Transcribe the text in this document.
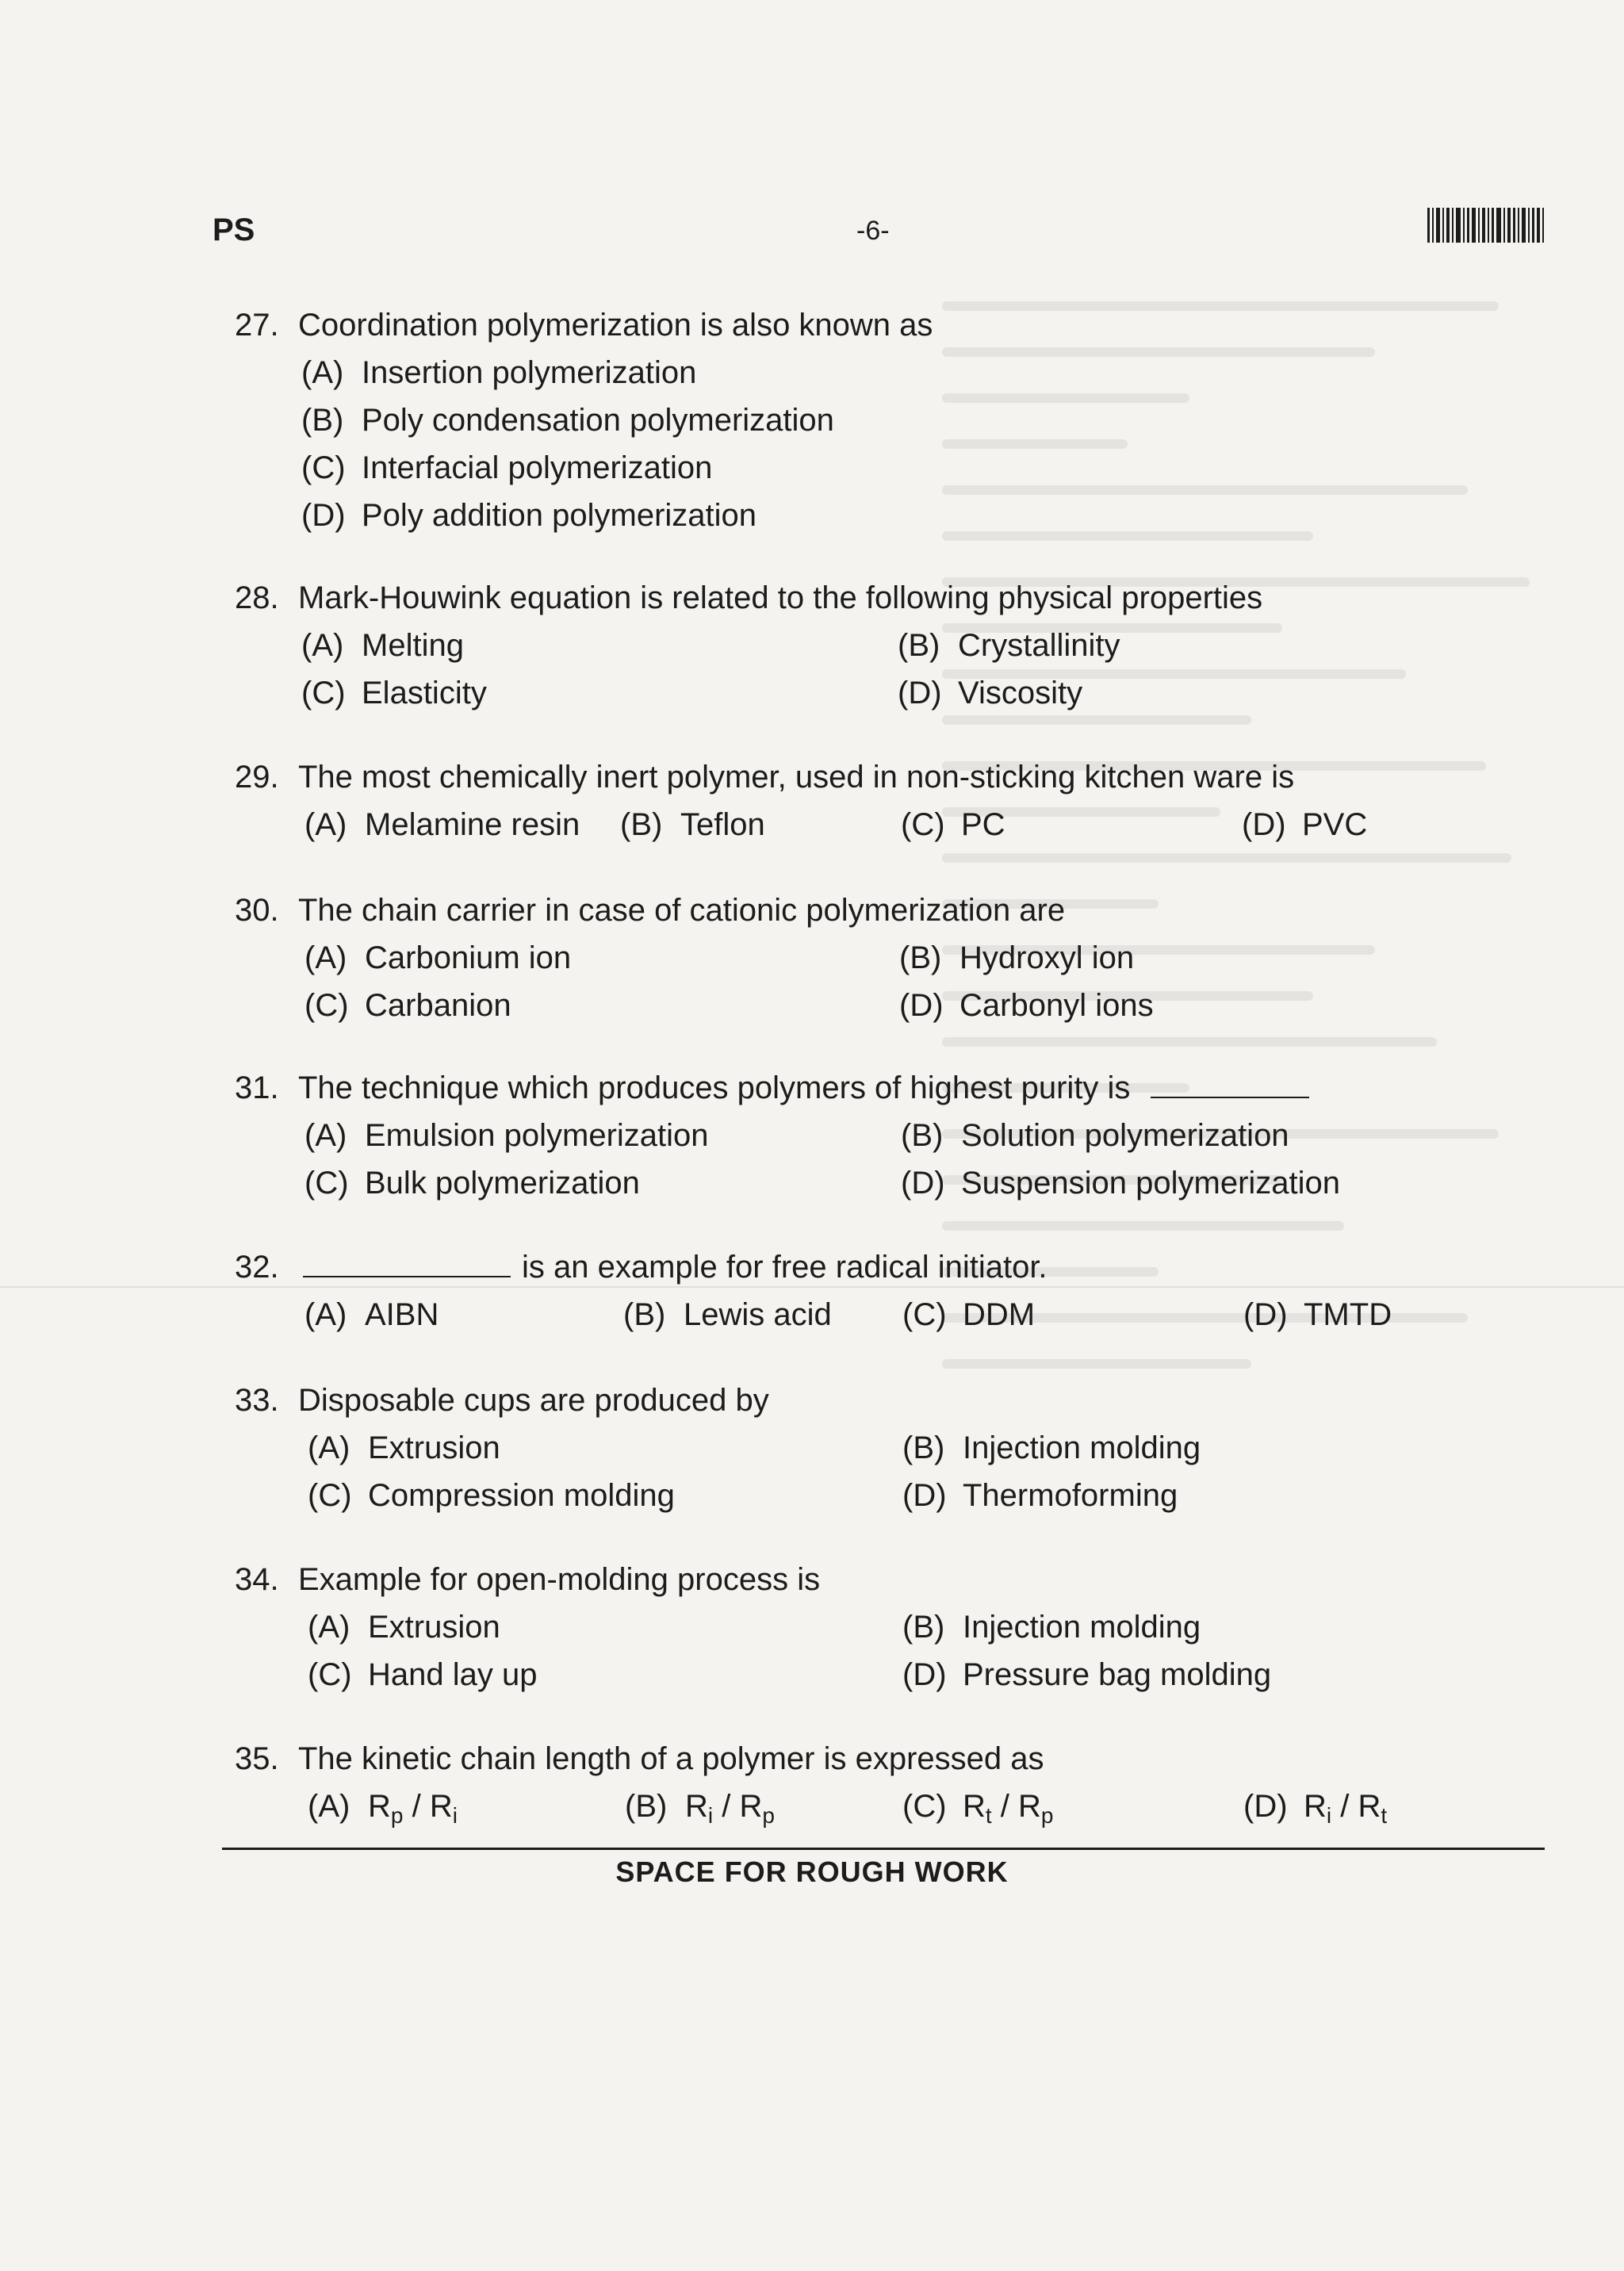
PS	-6-
27. Coordination polymerization is also known as
(A) Insertion polymerization
(B) Poly condensation polymerization
(C) Interfacial polymerization
(D) Poly addition polymerization
28. Mark-Houwink equation is related to the following physical properties
(A) Melting	(B) Crystallinity
(C) Elasticity	(D) Viscosity
29. The most chemically inert polymer, used in non-sticking kitchen ware is
(A) Melamine resin (B) Teflon	(C) PC	(D) PVC
30. The chain carrier in case of cationic polymerization are
(A) Carbonium ion	(B) Hydroxyl ion
(C) Carbanion	(D) Carbonyl ions
31. The technique which produces polymers of highest purity is
(A) Emulsion polymerization	(B) Solution polymerization
(C) Bulk polymerization	(D) Suspension polymerization
32.	is an example for free radical initiator.
(A) AIBN	(B) Lewis acid (C) DDM	(D) TMTD
33. Disposable cups are produced by
(A) Extrusion	(B) Injection molding
(C) Compression molding	(D) Thermoforming
34. Example for open-molding process is
(A) Extrusion	(B) Injection molding
(C) Hand lay up	(D) Pressure bag molding
35. The kinetic chain length of a polymer is expressed as
(A) $R_p / R_i$	(B) $R_i / R_p$	(C) $R_t / R_p$	(D) $R_i / R_t$
SPACE FOR ROUGH WORK
